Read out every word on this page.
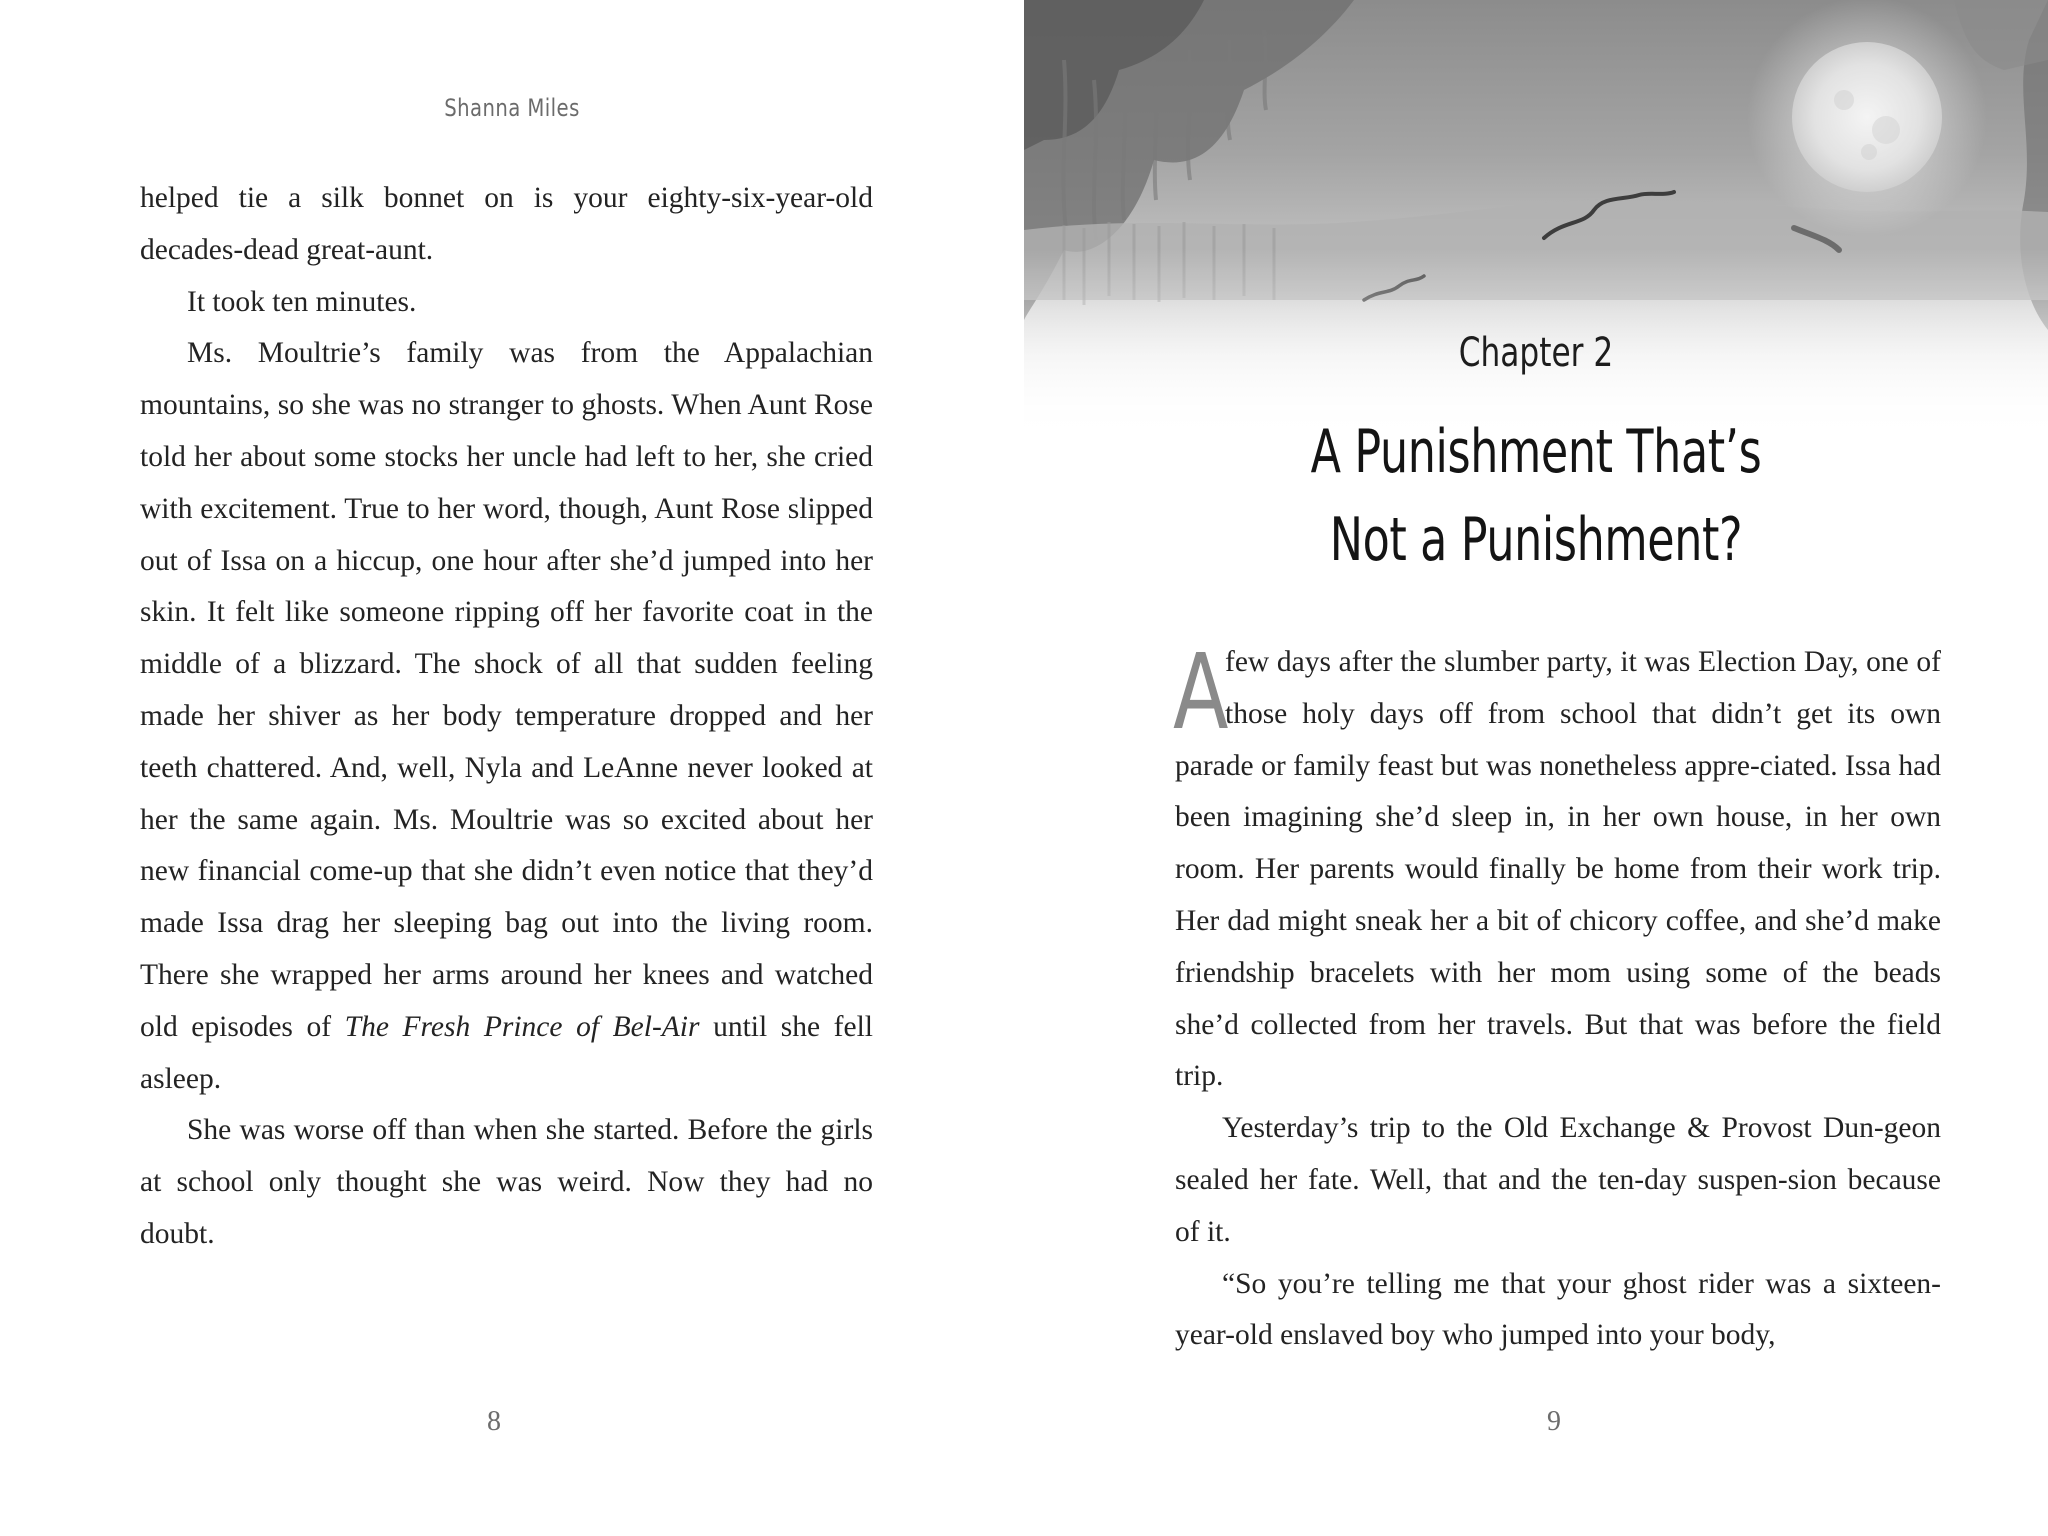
Shanna Miles

helped tie a silk bonnet on is your eighty-six-year-old decades-dead great-aunt.

It took ten minutes.

Ms. Moultrie’s family was from the Appalachian mountains, so she was no stranger to ghosts. When Aunt Rose told her about some stocks her uncle had left to her, she cried with excitement. True to her word, though, Aunt Rose slipped out of Issa on a hiccup, one hour after she’d jumped into her skin. It felt like someone ripping off her favorite coat in the middle of a blizzard. The shock of all that sudden feeling made her shiver as her body temperature dropped and her teeth chattered. And, well, Nyla and LeAnne never looked at her the same again. Ms. Moultrie was so excited about her new financial come-up that she didn’t even notice that they’d made Issa drag her sleeping bag out into the living room. There she wrapped her arms around her knees and watched old episodes of The Fresh Prince of Bel-Air until she fell asleep.

She was worse off than when she started. Before the girls at school only thought she was weird. Now they had no doubt.

8
Chapter 2
A Punishment That’s
Not a Punishment?

A
few days after the slumber party, it was Election Day, one of those holy days off from school that didn’t get its own parade or family feast but was nonetheless appre-ciated. Issa had been imagining she’d sleep in, in her own house, in her own room. Her parents would finally be home from their work trip. Her dad might sneak her a bit of chicory coffee, and she’d make friendship bracelets with her mom using some of the beads she’d collected from her travels. But that was before the field trip.

Yesterday’s trip to the Old Exchange & Provost Dun-geon sealed her fate. Well, that and the ten-day suspen-sion because of it.

“So you’re telling me that your ghost rider was a sixteen-year-old enslaved boy who jumped into your body,

9
